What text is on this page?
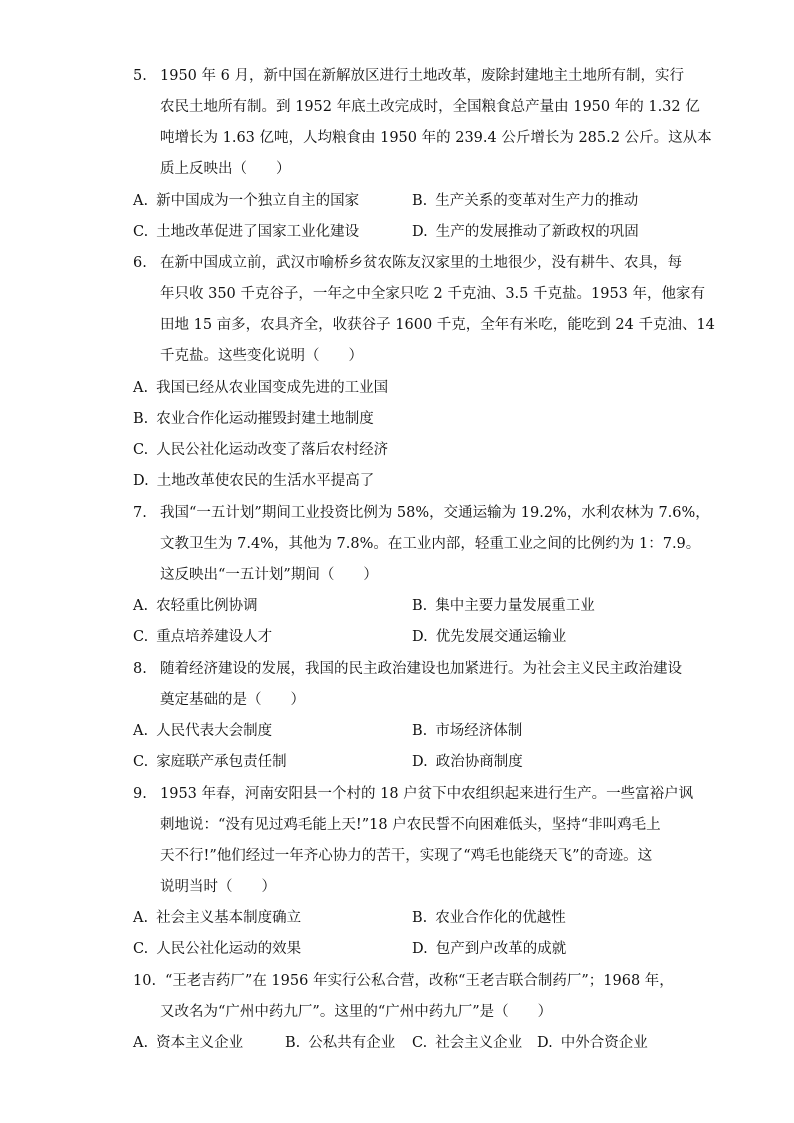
5. 1950 年 6 月，新中国在新解放区进行土地改革，废除封建地主土地所有制，实行
农民土地所有制。到 1952 年底土改完成时，全国粮食总产量由 1950 年的 1.32 亿
吨增长为 1.63 亿吨，人均粮食由 1950 年的 239.4 公斤增长为 285.2 公斤。这从本
质上反映出（　　）
A. 新中国成为一个独立自主的国家	B. 生产关系的变革对生产力的推动
C. 土地改革促进了国家工业化建设	D. 生产的发展推动了新政权的巩固
6. 在新中国成立前，武汉市喻桥乡贫农陈友汉家里的土地很少，没有耕牛、农具，每
年只收 350 千克谷子，一年之中全家只吃 2 千克油、3.5 千克盐。1953 年，他家有
田地 15 亩多，农具齐全，收获谷子 1600 千克，全年有米吃，能吃到 24 千克油、14
千克盐。这些变化说明（　　）
A. 我国已经从农业国变成先进的工业国
B. 农业合作化运动摧毁封建土地制度
C. 人民公社化运动改变了落后农村经济
D. 土地改革使农民的生活水平提高了
7. 我国“一五计划”期间工业投资比例为 58%，交通运输为 19.2%，水利农林为 7.6%，
文教卫生为 7.4%，其他为 7.8%。在工业内部，轻重工业之间的比例约为 1：7.9。
这反映出“一五计划”期间（　　）
A. 农轻重比例协调	B. 集中主要力量发展重工业
C. 重点培养建设人才	D. 优先发展交通运输业
8. 随着经济建设的发展，我国的民主政治建设也加紧进行。为社会主义民主政治建设
奠定基础的是（　　）
A. 人民代表大会制度	B. 市场经济体制
C. 家庭联产承包责任制	D. 政治协商制度
9. 1953 年春，河南安阳县一个村的 18 户贫下中农组织起来进行生产。一些富裕户讽
刺地说：“没有见过鸡毛能上天!”18 户农民誓不向困难低头，坚持“非叫鸡毛上
天不行!”他们经过一年齐心协力的苦干，实现了“鸡毛也能绕天飞”的奇迹。这
说明当时（　　）
A. 社会主义基本制度确立	B. 农业合作化的优越性
C. 人民公社化运动的效果	D. 包产到户改革的成就
10. “王老吉药厂”在 1956 年实行公私合营，改称“王老吉联合制药厂”；1968 年，
又改名为“广州中药九厂”。这里的“广州中药九厂”是（　　）
A. 资本主义企业	B. 公私共有企业 C. 社会主义企业 D. 中外合资企业
